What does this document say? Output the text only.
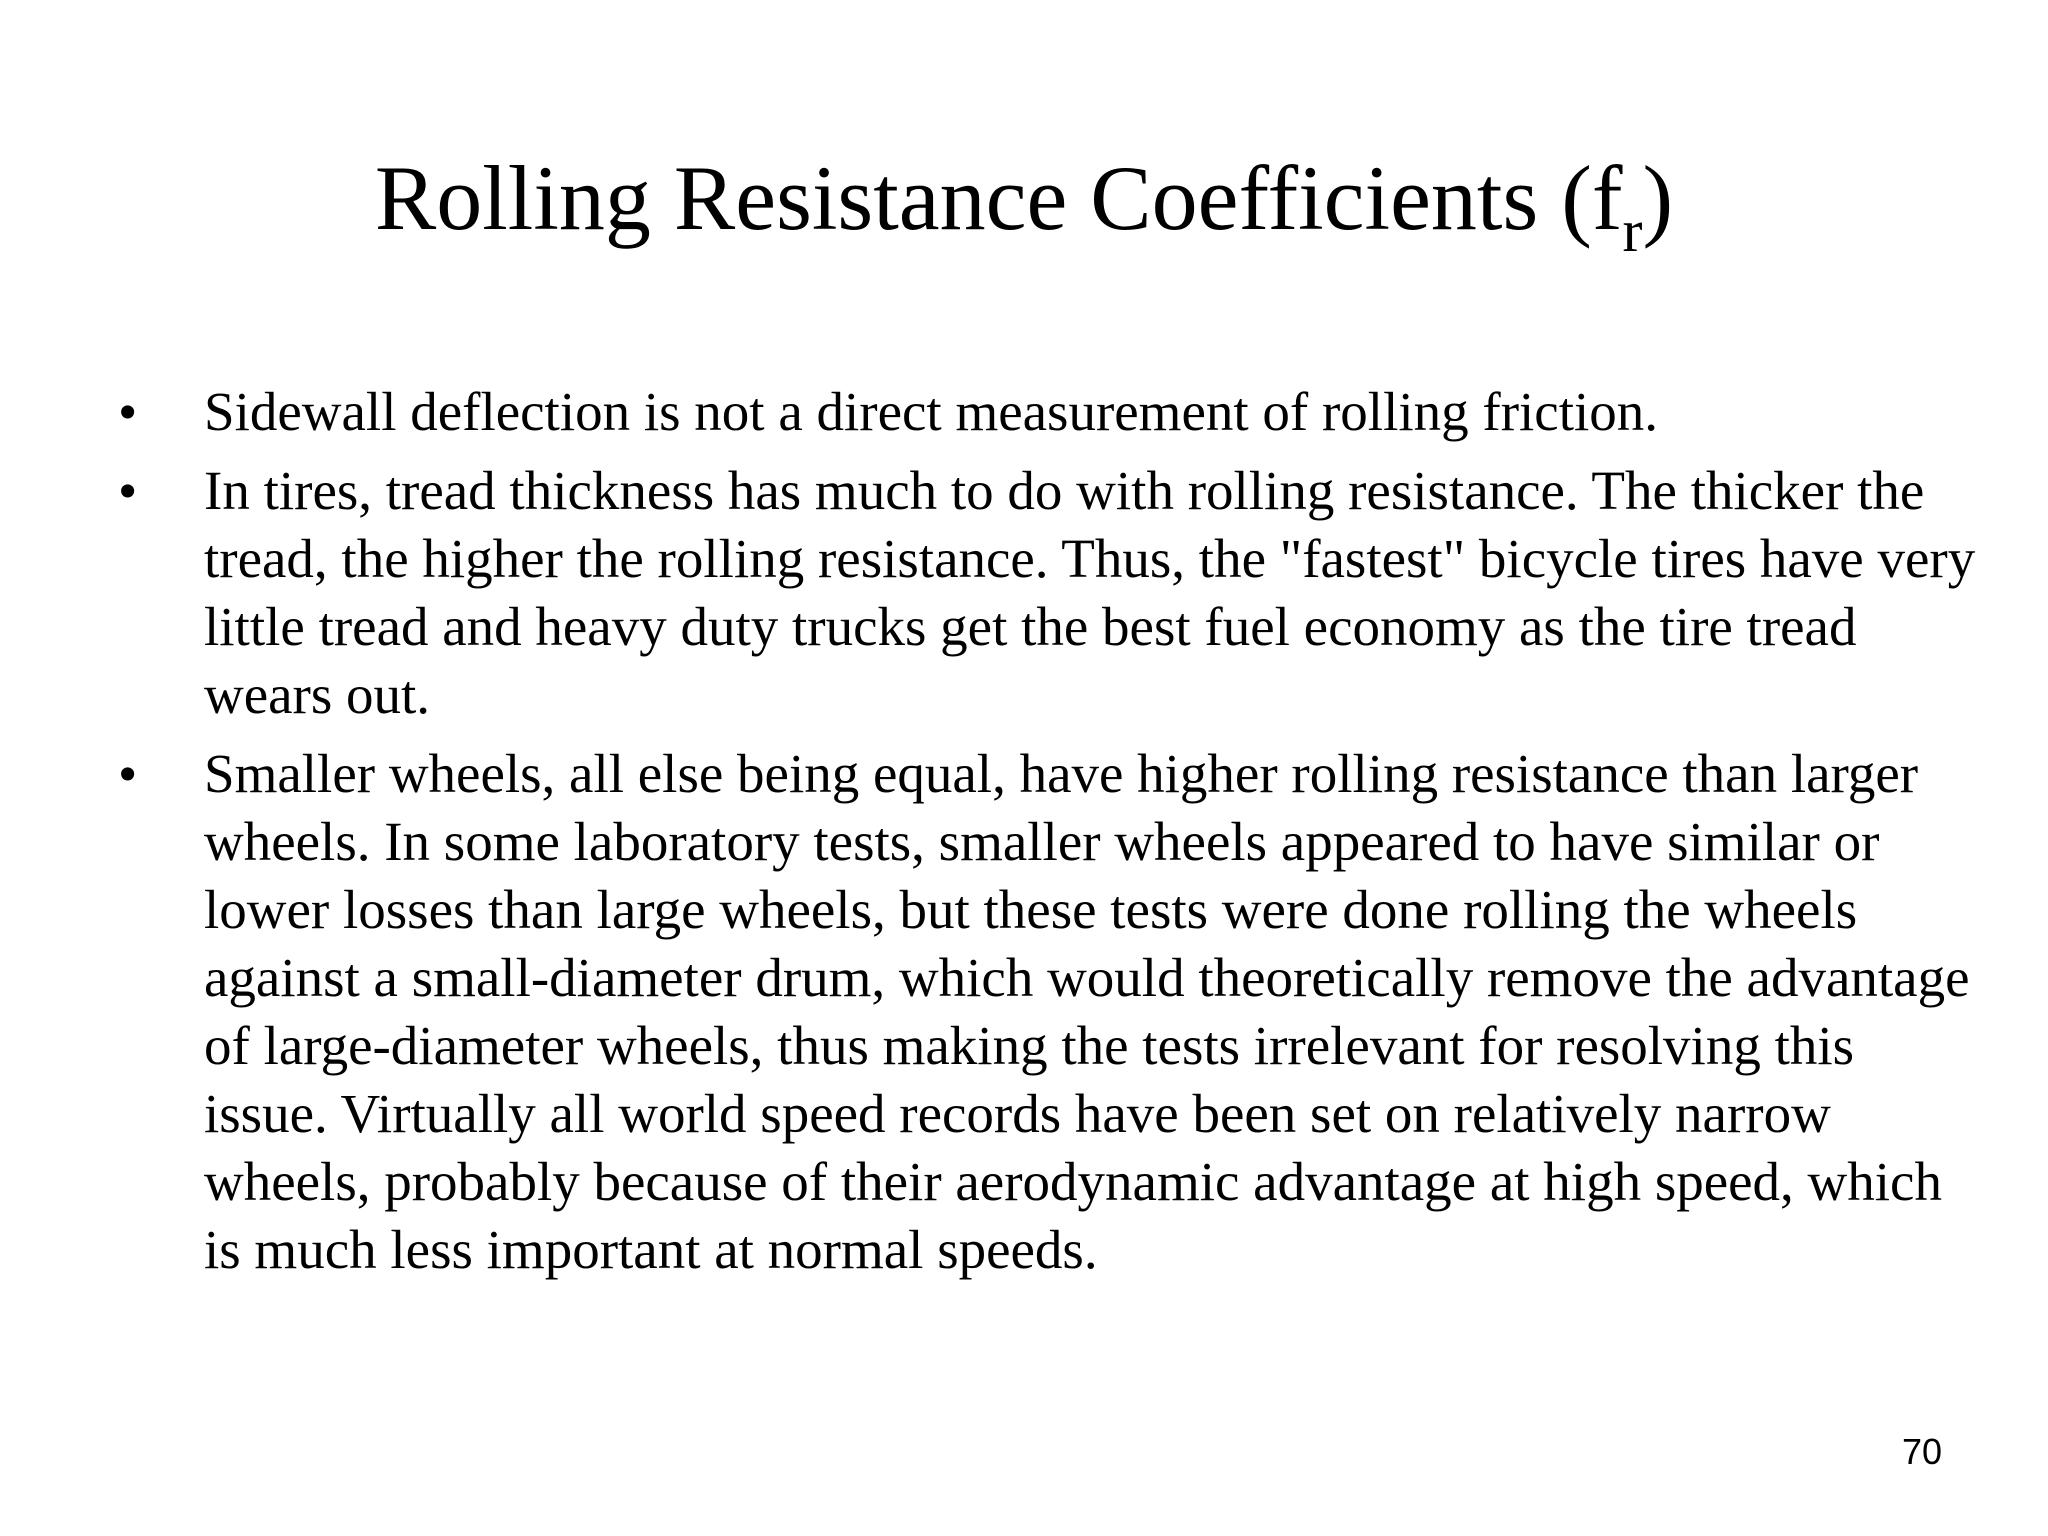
Rolling Resistance Coefficients $(f_r)$
•	Sidewall deflection is not a direct measurement of rolling friction.
•	In tires, tread thickness has much to do with rolling resistance. The thicker the tread, the higher the rolling resistance. Thus, the "fastest" bicycle tires have very little tread and heavy duty trucks get the best fuel economy as the tire tread wears out.
•	Smaller wheels, all else being equal, have higher rolling resistance than larger wheels. In some laboratory tests, smaller wheels appeared to have similar or lower losses than large wheels, but these tests were done rolling the wheels against a small-diameter drum, which would theoretically remove the advantage of large-diameter wheels, thus making the tests irrelevant for resolving this issue. Virtually all world speed records have been set on relatively narrow wheels, probably because of their aerodynamic advantage at high speed, which is much less important at normal speeds.
70
